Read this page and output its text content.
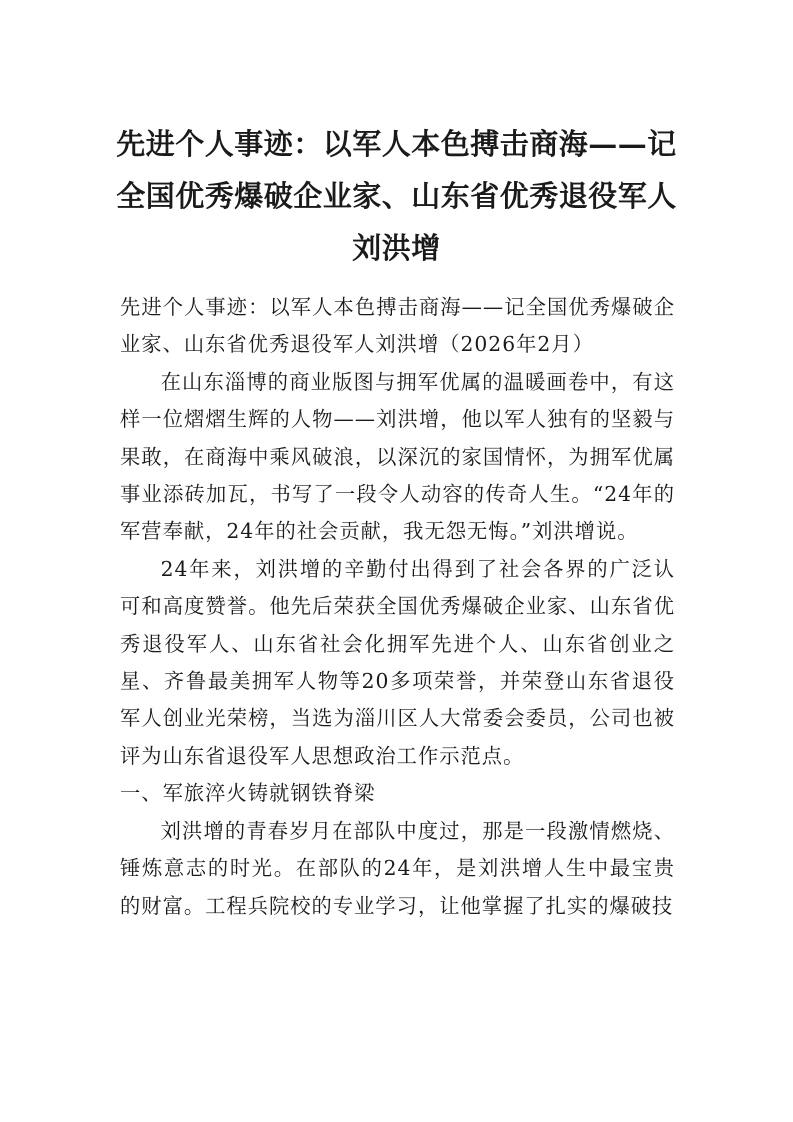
先进个人事迹：以军人本色搏击商海——记全国优秀爆破企业家、山东省优秀退役军人刘洪增

先进个人事迹：以军人本色搏击商海——记全国优秀爆破企业家、山东省优秀退役军人刘洪增（2026年2月）

在山东淄博的商业版图与拥军优属的温暖画卷中，有这样一位熠熠生辉的人物——刘洪增，他以军人独有的坚毅与果敢，在商海中乘风破浪，以深沉的家国情怀，为拥军优属事业添砖加瓦，书写了一段令人动容的传奇人生。“24年的军营奉献，24年的社会贡献，我无怨无悔。”刘洪增说。

24年来，刘洪增的辛勤付出得到了社会各界的广泛认可和高度赞誉。他先后荣获全国优秀爆破企业家、山东省优秀退役军人、山东省社会化拥军先进个人、山东省创业之星、齐鲁最美拥军人物等20多项荣誉，并荣登山东省退役军人创业光荣榜，当选为淄川区人大常委会委员，公司也被评为山东省退役军人思想政治工作示范点。

一、军旅淬火铸就钢铁脊梁

刘洪增的青春岁月在部队中度过，那是一段激情燃烧、锤炼意志的时光。在部队的24年，是刘洪增人生中最宝贵的财富。工程兵院校的专业学习，让他掌握了扎实的爆破技
